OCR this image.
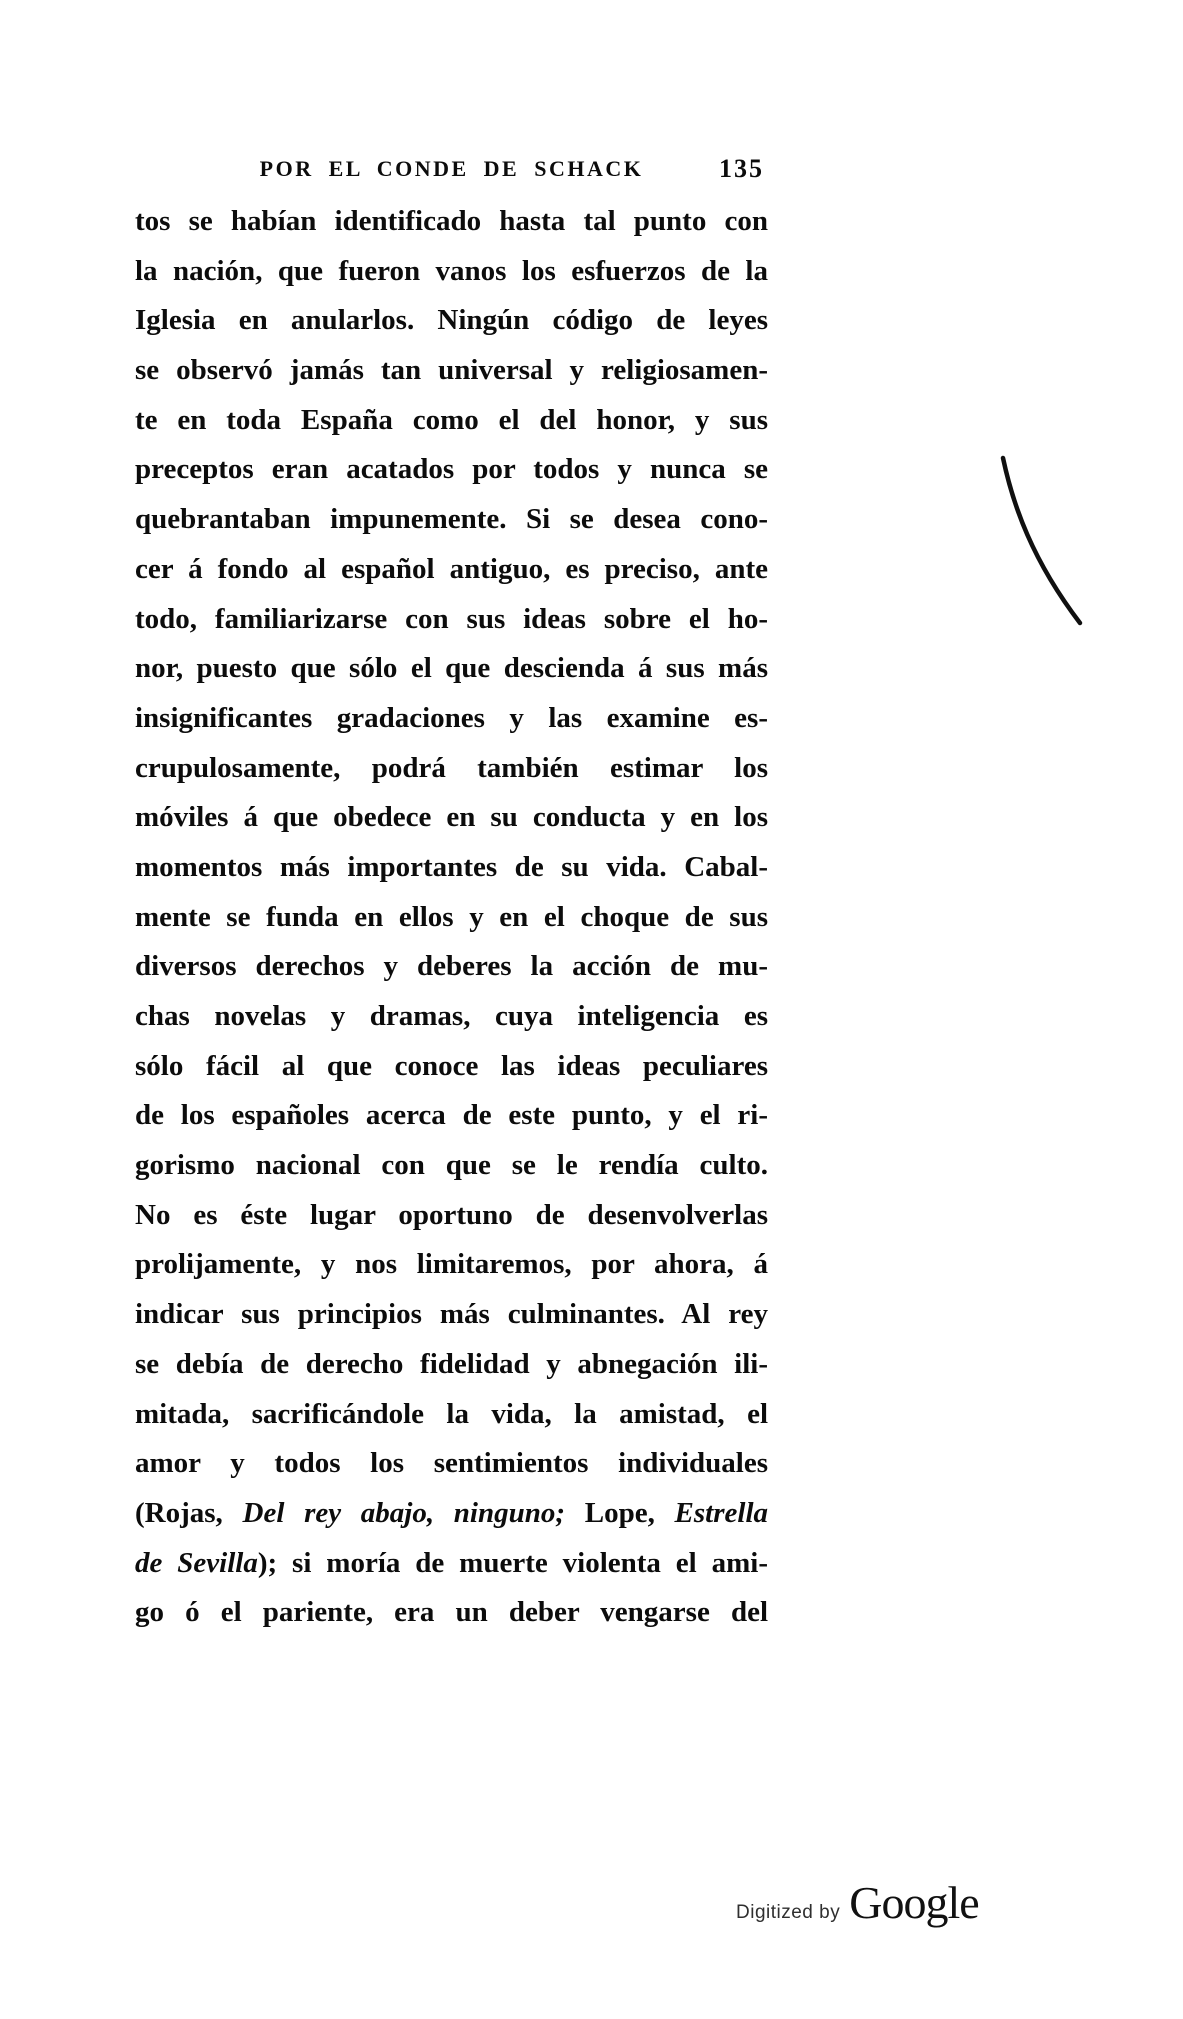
POR EL CONDE DE SCHACK	135
tos se habían identificado hasta tal punto con
la nación, que fueron vanos los esfuerzos de la
Iglesia en anularlos. Ningún código de leyes
se observó jamás tan universal y religiosamen-
te en toda España como el del honor, y sus
preceptos eran acatados por todos y nunca se
quebrantaban impunemente. Si se desea cono-
cer á fondo al español antiguo, es preciso, ante
todo, familiarizarse con sus ideas sobre el ho-
nor, puesto que sólo el que descienda á sus más
insignificantes gradaciones y las examine es-
crupulosamente, podrá también estimar los
móviles á que obedece en su conducta y en los
momentos más importantes de su vida. Cabal-
mente se funda en ellos y en el choque de sus
diversos derechos y deberes la acción de mu-
chas novelas y dramas, cuya inteligencia es
sólo fácil al que conoce las ideas peculiares
de los españoles acerca de este punto, y el ri-
gorismo nacional con que se le rendía culto.
No es éste lugar oportuno de desenvolverlas
prolijamente, y nos limitaremos, por ahora, á
indicar sus principios más culminantes. Al rey
se debía de derecho fidelidad y abnegación ili-
mitada, sacrificándole la vida, la amistad, el
amor y todos los sentimientos individuales
(Rojas, Del rey abajo, ninguno; Lope, Estrella
de Sevilla); si moría de muerte violenta el ami-
go ó el pariente, era un deber vengarse del
Digitized by Google
